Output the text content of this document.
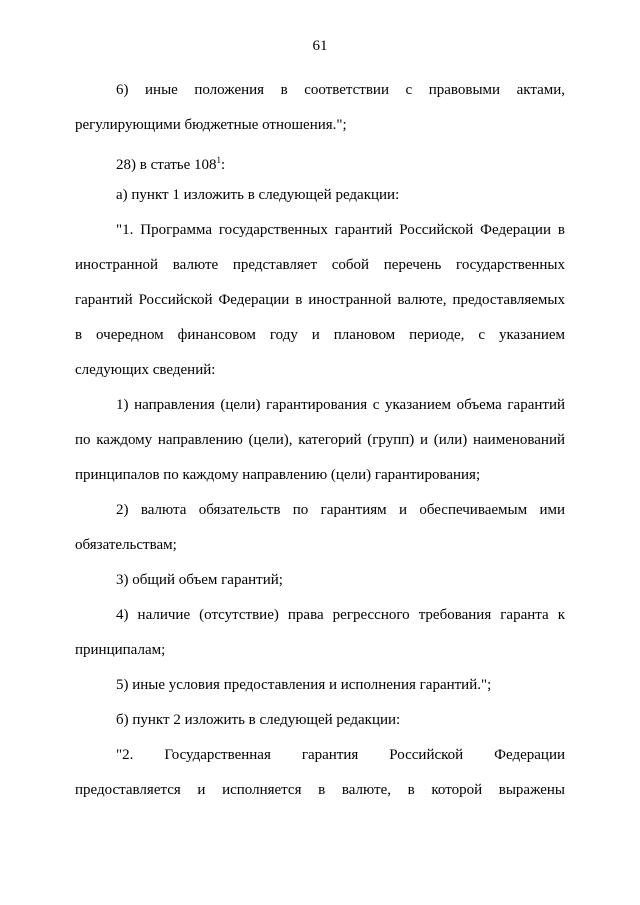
61
6) иные положения в соответствии с правовыми актами,
регулирующими бюджетные отношения.";
28) в статье $108^1$:
а) пункт 1 изложить в следующей редакции:
"1. Программа государственных гарантий Российской Федерации в
иностранной валюте представляет собой перечень государственных
гарантий Российской Федерации в иностранной валюте, предоставляемых
в очередном финансовом году и плановом периоде, с указанием
следующих сведений:
1) направления (цели) гарантирования с указанием объема гарантий
по каждому направлению (цели), категорий (групп) и (или) наименований
принципалов по каждому направлению (цели) гарантирования;
2) валюта обязательств по гарантиям и обеспечиваемым ими
обязательствам;
3) общий объем гарантий;
4) наличие (отсутствие) права регрессного требования гаранта к
принципалам;
5) иные условия предоставления и исполнения гарантий.";
б) пункт 2 изложить в следующей редакции:
"2. Государственная гарантия Российской Федерации
предоставляется и исполняется в валюте, в которой выражены
